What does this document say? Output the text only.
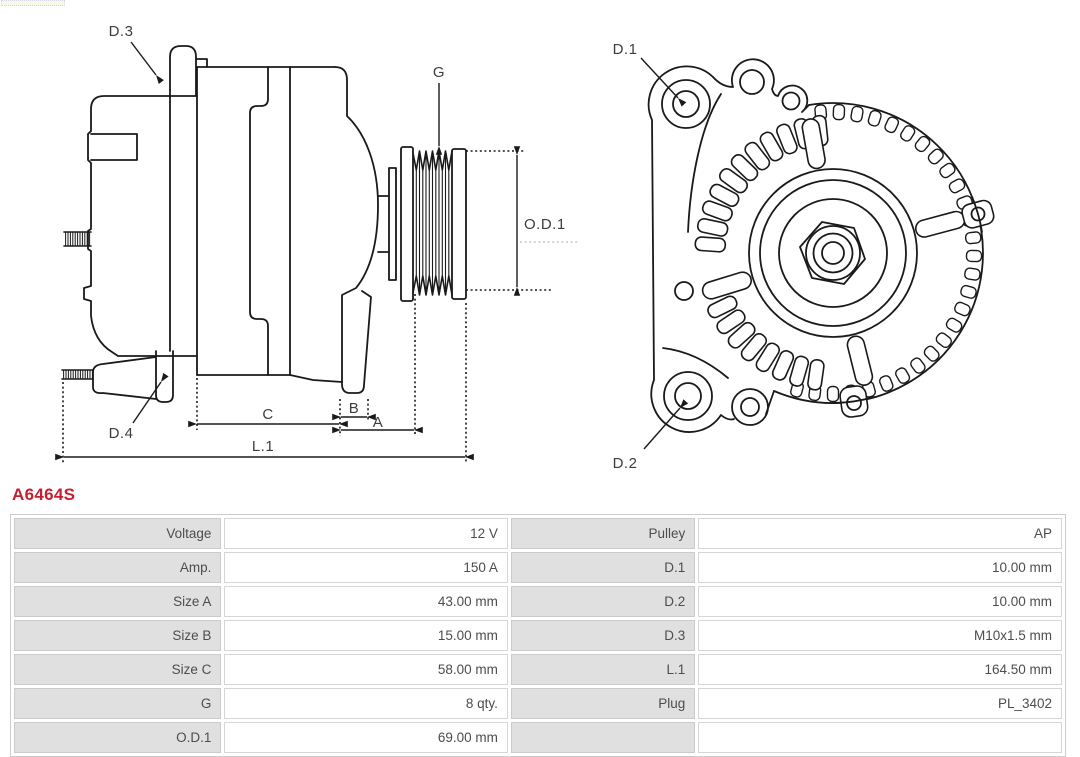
D.3
G
O.D.1
C	B
A
L.1
D.4
D.1
D.2
A6464S
Voltage	12 V	Pulley	AP
Amp.	150 A	D.1	10.00 mm
Size A	43.00 mm	D.2	10.00 mm
Size B	15.00 mm	D.3	M10x1.5 mm
Size C	58.00 mm	L.1	164.50 mm
G	8 qty.	Plug	PL_3402
O.D.1	69.00 mm		
